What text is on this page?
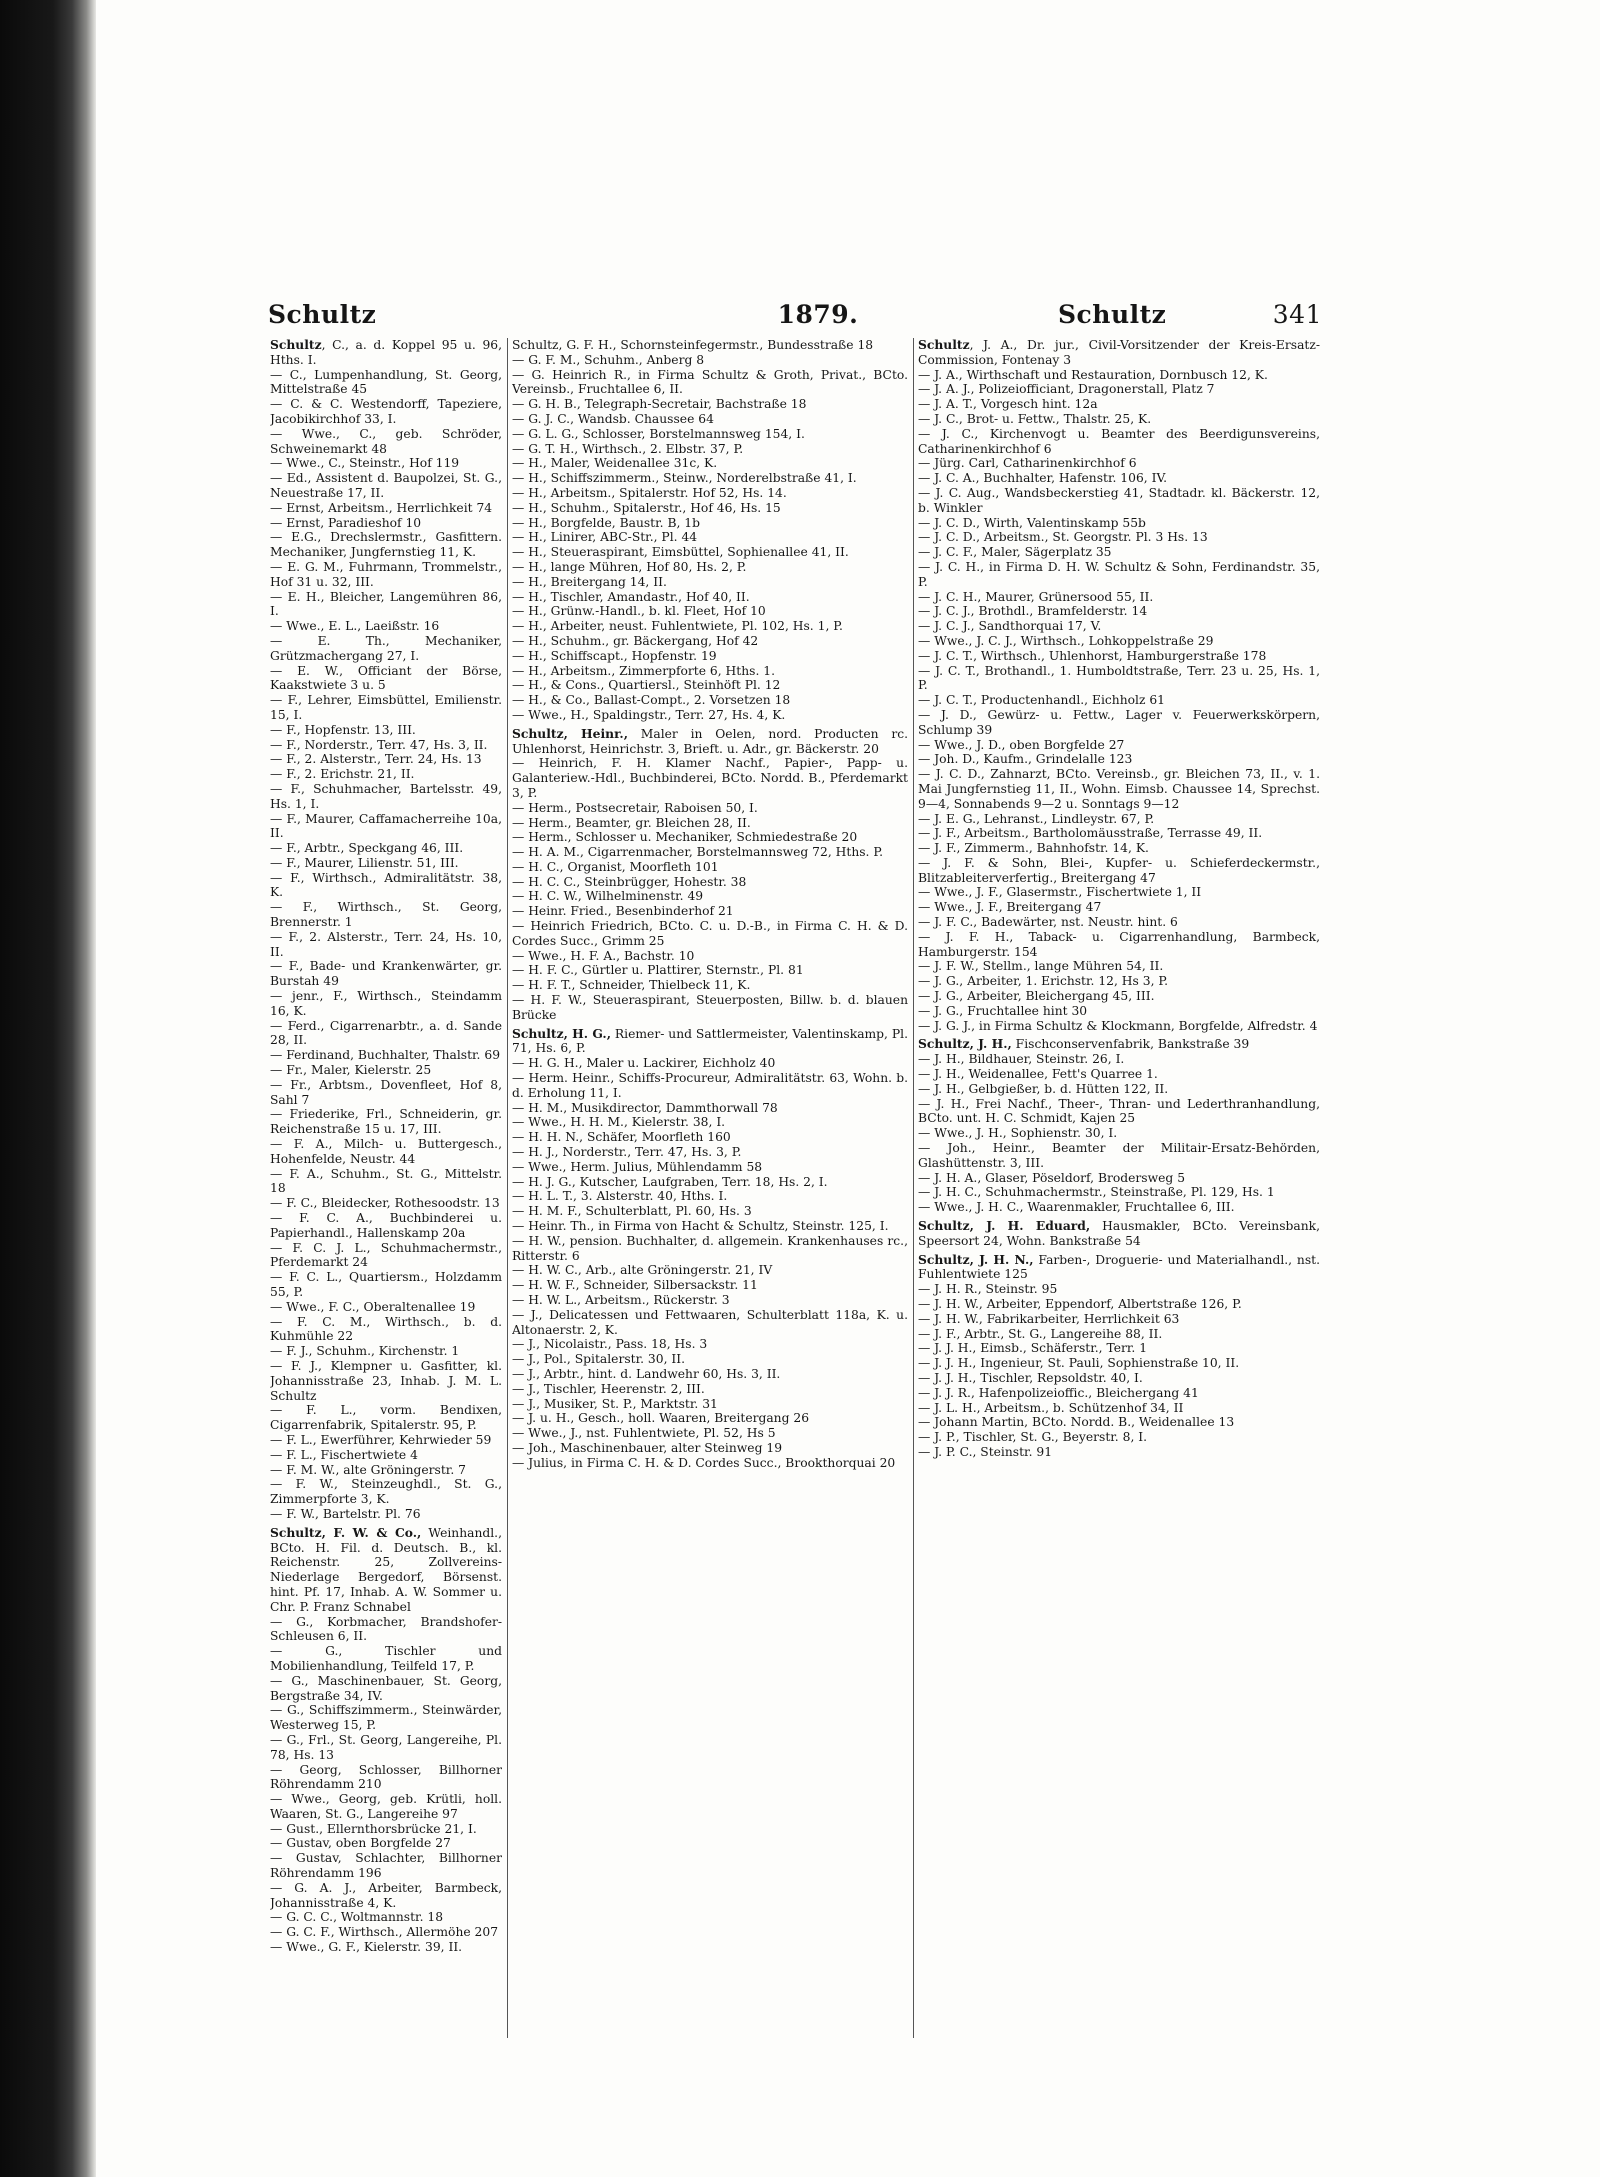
Schultz	1879.	Schultz	341
Schultz, C., a. d. Koppel 95 u. 96, Hths. I.
— C., Lumpenhandlung, St. Georg, Mittelstraße 45
— C. & C. Westendorff, Tapeziere, Jacobikirchhof 33, I.
— Wwe., C., geb. Schröder, Schweinemarkt 48
— Wwe., C., Steinstr., Hof 119
— Ed., Assistent d. Baupolzei, St. G., Neuestraße 17, II.
— Ernst, Arbeitsm., Herrlichkeit 74
— Ernst, Paradieshof 10
— E.G., Drechslermstr., Gasfittern. Mechaniker, Jungfernstieg 11, K.
— E. G. M., Fuhrmann, Trommelstr., Hof 31 u. 32, III.
— E. H., Bleicher, Langemühren 86, I.
— Wwe., E. L., Laeißstr. 16
— E. Th., Mechaniker, Grützmachergang 27, I.
— E. W., Officiant der Börse, Kaakstwiete 3 u. 5
— F., Lehrer, Eimsbüttel, Emilienstr. 15, I.
— F., Hopfenstr. 13, III.
— F., Norderstr., Terr. 47, Hs. 3, II.
— F., 2. Alsterstr., Terr. 24, Hs. 13
— F., 2. Erichstr. 21, II.
— F., Schuhmacher, Bartelsstr. 49, Hs. 1, I.
— F., Maurer, Caffamacherreihe 10a, II.
— F., Arbtr., Speckgang 46, III.
— F., Maurer, Lilienstr. 51, III.
— F., Wirthsch., Admiralitätstr. 38, K.
— F., Wirthsch., St. Georg, Brennerstr. 1
— F., 2. Alsterstr., Terr. 24, Hs. 10, II.
— F., Bade- und Krankenwärter, gr. Burstah 49
— jenr., F., Wirthsch., Steindamm 16, K.
— Ferd., Cigarrenarbtr., a. d. Sande 28, II.
— Ferdinand, Buchhalter, Thalstr. 69
— Fr., Maler, Kielerstr. 25
— Fr., Arbtsm., Dovenfleet, Hof 8, Sahl 7
— Friederike, Frl., Schneiderin, gr. Reichenstraße 15 u. 17, III.
— F. A., Milch- u. Buttergesch., Hohenfelde, Neustr. 44
— F. A., Schuhm., St. G., Mittelstr. 18
— F. C., Bleidecker, Rothesoodstr. 13
— F. C. A., Buchbinderei u. Papierhandl., Hallenskamp 20a
— F. C. J. L., Schuhmachermstr., Pferdemarkt 24
— F. C. L., Quartiersm., Holzdamm 55, P.
— Wwe., F. C., Oberaltenallee 19
— F. C. M., Wirthsch., b. d. Kuhmühle 22
— F. J., Schuhm., Kirchenstr. 1
— F. J., Klempner u. Gasfitter, kl. Johannisstraße 23, Inhab. J. M. L. Schultz
— F. L., vorm. Bendixen, Cigarrenfabrik, Spitalerstr. 95, P.
— F. L., Ewerführer, Kehrwieder 59
— F. L., Fischertwiete 4
— F. M. W., alte Gröningerstr. 7
— F. W., Steinzeughdl., St. G., Zimmerpforte 3, K.
— F. W., Bartelstr. Pl. 76
Schultz, F. W. & Co., Weinhandl., BCto. H. Fil. d. Deutsch. B., kl. Reichenstr. 25, Zollvereins-Niederlage Bergedorf, Börsenst. hint. Pf. 17, Inhab. A. W. Sommer u. Chr. P. Franz Schnabel
— G., Korbmacher, Brandshofer-Schleusen 6, II.
— G., Tischler und Mobilienhandlung, Teilfeld 17, P.
— G., Maschinenbauer, St. Georg, Bergstraße 34, IV.
— G., Schiffszimmerm., Steinwärder, Westerweg 15, P.
— G., Frl., St. Georg, Langereihe, Pl. 78, Hs. 13
— Georg, Schlosser, Billhorner Röhrendamm 210
— Wwe., Georg, geb. Krütli, holl. Waaren, St. G., Langereihe 97
— Gust., Ellernthorsbrücke 21, I.
— Gustav, oben Borgfelde 27
— Gustav, Schlachter, Billhorner Röhrendamm 196
— G. A. J., Arbeiter, Barmbeck, Johannisstraße 4, K.
— G. C. C., Woltmannstr. 18
— G. C. F., Wirthsch., Allermöhe 207
— Wwe., G. F., Kielerstr. 39, II.
Schultz, G. F. H., Schornsteinfegermstr., Bundesstraße 18
— G. F. M., Schuhm., Anberg 8
— G. Heinrich R., in Firma Schultz & Groth, Privat., BCto. Vereinsb., Fruchtallee 6, II.
— G. H. B., Telegraph-Secretair, Bachstraße 18
— G. J. C., Wandsb. Chaussee 64
— G. L. G., Schlosser, Borstelmannsweg 154, I.
— G. T. H., Wirthsch., 2. Elbstr. 37, P.
— H., Maler, Weidenallee 31c, K.
— H., Schiffszimmerm., Steinw., Norderelbstraße 41, I.
— H., Arbeitsm., Spitalerstr. Hof 52, Hs. 14.
— H., Schuhm., Spitalerstr., Hof 46, Hs. 15
— H., Borgfelde, Baustr. B, 1b
— H., Linirer, ABC-Str., Pl. 44
— H., Steueraspirant, Eimsbüttel, Sophienallee 41, II.
— H., lange Mühren, Hof 80, Hs. 2, P.
— H., Breitergang 14, II.
— H., Tischler, Amandastr., Hof 40, II.
— H., Grünw.-Handl., b. kl. Fleet, Hof 10
— H., Arbeiter, neust. Fuhlentwiete, Pl. 102, Hs. 1, P.
— H., Schuhm., gr. Bäckergang, Hof 42
— H., Schiffscapt., Hopfenstr. 19
— H., Arbeitsm., Zimmerpforte 6, Hths. 1.
— H., & Cons., Quartiersl., Steinhöft Pl. 12
— H., & Co., Ballast-Compt., 2. Vorsetzen 18
— Wwe., H., Spaldingstr., Terr. 27, Hs. 4, K.
Schultz, Heinr., Maler in Oelen, nord. Producten rc. Uhlenhorst, Heinrichstr. 3, Brieft. u. Adr., gr. Bäckerstr. 20
— Heinrich, F. H. Klamer Nachf., Papier-, Papp- u. Galanteriew.-Hdl., Buchbinderei, BCto. Nordd. B., Pferdemarkt 3, P.
— Herm., Postsecretair, Raboisen 50, I.
— Herm., Beamter, gr. Bleichen 28, II.
— Herm., Schlosser u. Mechaniker, Schmiedestraße 20
— H. A. M., Cigarrenmacher, Borstelmannsweg 72, Hths. P.
— H. C., Organist, Moorfleth 101
— H. C. C., Steinbrügger, Hohestr. 38
— H. C. W., Wilhelminenstr. 49
— Heinr. Fried., Besenbinderhof 21
— Heinrich Friedrich, BCto. C. u. D.-B., in Firma C. H. & D. Cordes Succ., Grimm 25
— Wwe., H. F. A., Bachstr. 10
— H. F. C., Gürtler u. Plattirer, Sternstr., Pl. 81
— H. F. T., Schneider, Thielbeck 11, K.
— H. F. W., Steueraspirant, Steuerposten, Billw. b. d. blauen Brücke
Schultz, H. G., Riemer- und Sattlermeister, Valentinskamp, Pl. 71, Hs. 6, P.
— H. G. H., Maler u. Lackirer, Eichholz 40
— Herm. Heinr., Schiffs-Procureur, Admiralitätstr. 63, Wohn. b. d. Erholung 11, I.
— H. M., Musikdirector, Dammthorwall 78
— Wwe., H. H. M., Kielerstr. 38, I.
— H. H. N., Schäfer, Moorfleth 160
— H. J., Norderstr., Terr. 47, Hs. 3, P.
— Wwe., Herm. Julius, Mühlendamm 58
— H. J. G., Kutscher, Laufgraben, Terr. 18, Hs. 2, I.
— H. L. T., 3. Alsterstr. 40, Hths. I.
— H. M. F., Schulterblatt, Pl. 60, Hs. 3
— Heinr. Th., in Firma von Hacht & Schultz, Steinstr. 125, I.
— H. W., pension. Buchhalter, d. allgemein. Krankenhauses rc., Ritterstr. 6
— H. W. C., Arb., alte Gröningerstr. 21, IV
— H. W. F., Schneider, Silbersackstr. 11
— H. W. L., Arbeitsm., Rückerstr. 3
— J., Delicatessen und Fettwaaren, Schulterblatt 118a, K. u. Altonaerstr. 2, K.
— J., Nicolaistr., Pass. 18, Hs. 3
— J., Pol., Spitalerstr. 30, II.
— J., Arbtr., hint. d. Landwehr 60, Hs. 3, II.
— J., Tischler, Heerenstr. 2, III.
— J., Musiker, St. P., Marktstr. 31
— J. u. H., Gesch., holl. Waaren, Breitergang 26
— Wwe., J., nst. Fuhlentwiete, Pl. 52, Hs 5
— Joh., Maschinenbauer, alter Steinweg 19
— Julius, in Firma C. H. & D. Cordes Succ., Brookthorquai 20
Schultz, J. A., Dr. jur., Civil-Vorsitzender der Kreis-Ersatz-Commission, Fontenay 3
— J. A., Wirthschaft und Restauration, Dornbusch 12, K.
— J. A. J., Polizeiofficiant, Dragonerstall, Platz 7
— J. A. T., Vorgesch hint. 12a
— J. C., Brot- u. Fettw., Thalstr. 25, K.
— J. C., Kirchenvogt u. Beamter des Beerdigunsvereins, Catharinenkirchhof 6
— Jürg. Carl, Catharinenkirchhof 6
— J. C. A., Buchhalter, Hafenstr. 106, IV.
— J. C. Aug., Wandsbeckerstieg 41, Stadtadr. kl. Bäckerstr. 12, b. Winkler
— J. C. D., Wirth, Valentinskamp 55b
— J. C. D., Arbeitsm., St. Georgstr. Pl. 3 Hs. 13
— J. C. F., Maler, Sägerplatz 35
— J. C. H., in Firma D. H. W. Schultz & Sohn, Ferdinandstr. 35, P.
— J. C. H., Maurer, Grünersood 55, II.
— J. C. J., Brothdl., Bramfelderstr. 14
— J. C. J., Sandthorquai 17, V.
— Wwe., J. C. J., Wirthsch., Lohkoppelstraße 29
— J. C. T., Wirthsch., Uhlenhorst, Hamburgerstraße 178
— J. C. T., Brothandl., 1. Humboldtstraße, Terr. 23 u. 25, Hs. 1, P.
— J. C. T., Productenhandl., Eichholz 61
— J. D., Gewürz- u. Fettw., Lager v. Feuerwerkskörpern, Schlump 39
— Wwe., J. D., oben Borgfelde 27
— Joh. D., Kaufm., Grindelalle 123
— J. C. D., Zahnarzt, BCto. Vereinsb., gr. Bleichen 73, II., v. 1. Mai Jungfernstieg 11, II., Wohn. Eimsb. Chaussee 14, Sprechst. 9—4, Sonnabends 9—2 u. Sonntags 9—12
— J. E. G., Lehranst., Lindleystr. 67, P.
— J. F., Arbeitsm., Bartholomäusstraße, Terrasse 49, II.
— J. F., Zimmerm., Bahnhofstr. 14, K.
— J. F. & Sohn, Blei-, Kupfer- u. Schieferdeckermstr., Blitzableiterverfertig., Breitergang 47
— Wwe., J. F., Glasermstr., Fischertwiete 1, II
— Wwe., J. F., Breitergang 47
— J. F. C., Badewärter, nst. Neustr. hint. 6
— J. F. H., Taback- u. Cigarrenhandlung, Barmbeck, Hamburgerstr. 154
— J. F. W., Stellm., lange Mühren 54, II.
— J. G., Arbeiter, 1. Erichstr. 12, Hs 3, P.
— J. G., Arbeiter, Bleichergang 45, III.
— J. G., Fruchtallee hint 30
— J. G. J., in Firma Schultz & Klockmann, Borgfelde, Alfredstr. 4
Schultz, J. H., Fischconservenfabrik, Bankstraße 39
— J. H., Bildhauer, Steinstr. 26, I.
— J. H., Weidenallee, Fett's Quarree 1.
— J. H., Gelbgießer, b. d. Hütten 122, II.
— J. H., Frei Nachf., Theer-, Thran- und Lederthranhandlung, BCto. unt. H. C. Schmidt, Kajen 25
— Wwe., J. H., Sophienstr. 30, I.
— Joh., Heinr., Beamter der Militair-Ersatz-Behörden, Glashüttenstr. 3, III.
— J. H. A., Glaser, Pöseldorf, Brodersweg 5
— J. H. C., Schuhmachermstr., Steinstraße, Pl. 129, Hs. 1
— Wwe., J. H. C., Waarenmakler, Fruchtallee 6, III.
Schultz, J. H. Eduard, Hausmakler, BCto. Vereinsbank, Speersort 24, Wohn. Bankstraße 54
Schultz, J. H. N., Farben-, Droguerie- und Materialhandl., nst. Fuhlentwiete 125
— J. H. R., Steinstr. 95
— J. H. W., Arbeiter, Eppendorf, Albertstraße 126, P.
— J. H. W., Fabrikarbeiter, Herrlichkeit 63
— J. F., Arbtr., St. G., Langereihe 88, II.
— J. J. H., Eimsb., Schäferstr., Terr. 1
— J. J. H., Ingenieur, St. Pauli, Sophienstraße 10, II.
— J. J. H., Tischler, Repsoldstr. 40, I.
— J. J. R., Hafenpolizeioffic., Bleichergang 41
— J. L. H., Arbeitsm., b. Schützenhof 34, II
— Johann Martin, BCto. Nordd. B., Weidenallee 13
— J. P., Tischler, St. G., Beyerstr. 8, I.
— J. P. C., Steinstr. 91
